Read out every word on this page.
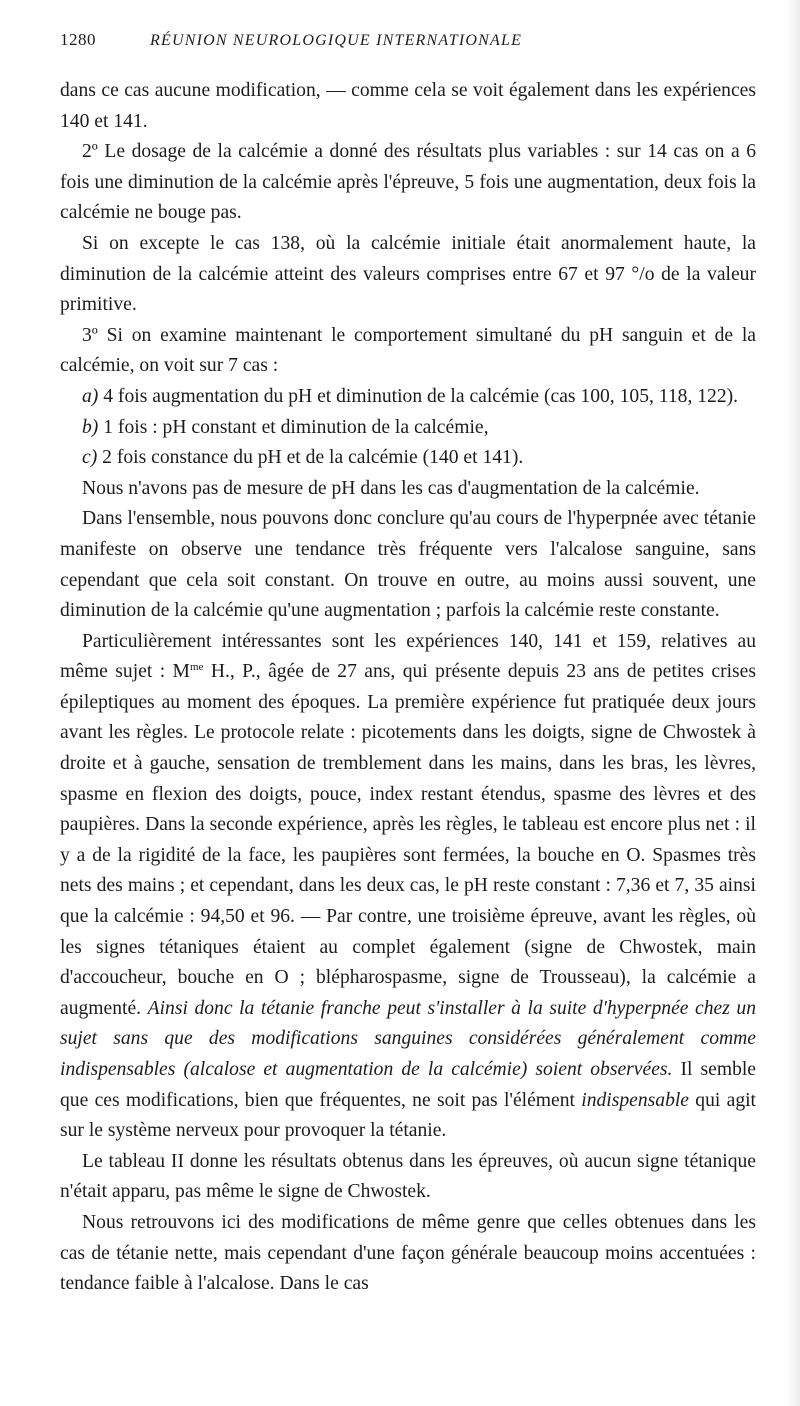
1280	RÉUNION NEUROLOGIQUE INTERNATIONALE

dans ce cas aucune modification, — comme cela se voit également dans les expériences 140 et 141.

2º Le dosage de la calcémie a donné des résultats plus variables : sur 14 cas on a 6 fois une diminution de la calcémie après l'épreuve, 5 fois une augmentation, deux fois la calcémie ne bouge pas.

Si on excepte le cas 138, où la calcémie initiale était anormalement haute, la diminution de la calcémie atteint des valeurs comprises entre 67 et 97 °/o de la valeur primitive.

3º Si on examine maintenant le comportement simultané du pH sanguin et de la calcémie, on voit sur 7 cas :

a) 4 fois augmentation du pH et diminution de la calcémie (cas 100, 105, 118, 122).

b) 1 fois : pH constant et diminution de la calcémie,

c) 2 fois constance du pH et de la calcémie (140 et 141).

Nous n'avons pas de mesure de pH dans les cas d'augmentation de la calcémie.

Dans l'ensemble, nous pouvons donc conclure qu'au cours de l'hyperpnée avec tétanie manifeste on observe une tendance très fréquente vers l'alcalose sanguine, sans cependant que cela soit constant. On trouve en outre, au moins aussi souvent, une diminution de la calcémie qu'une augmentation ; parfois la calcémie reste constante.

Particulièrement intéressantes sont les expériences 140, 141 et 159, relatives au même sujet : $M^{me}$ H., P., âgée de 27 ans, qui présente depuis 23 ans de petites crises épileptiques au moment des époques. La première expérience fut pratiquée deux jours avant les règles. Le protocole relate : picotements dans les doigts, signe de Chwostek à droite et à gauche, sensation de tremblement dans les mains, dans les bras, les lèvres, spasme en flexion des doigts, pouce, index restant étendus, spasme des lèvres et des paupières. Dans la seconde expérience, après les règles, le tableau est encore plus net : il y a de la rigidité de la face, les paupières sont fermées, la bouche en O. Spasmes très nets des mains ; et cependant, dans les deux cas, le pH reste constant : 7,36 et 7, 35 ainsi que la calcémie : 94,50 et 96. — Par contre, une troisième épreuve, avant les règles, où les signes tétaniques étaient au complet également (signe de Chwostek, main d'accoucheur, bouche en O ; blépharospasme, signe de Trousseau), la calcémie a augmenté. Ainsi donc la tétanie franche peut s'installer à la suite d'hyperpnée chez un sujet sans que des modifications sanguines considérées généralement comme indispensables (alcalose et augmentation de la calcémie) soient observées. Il semble que ces modifications, bien que fréquentes, ne soit pas l'élément indispensable qui agit sur le système nerveux pour provoquer la tétanie.

Le tableau II donne les résultats obtenus dans les épreuves, où aucun signe tétanique n'était apparu, pas même le signe de Chwostek.

Nous retrouvons ici des modifications de même genre que celles obtenues dans les cas de tétanie nette, mais cependant d'une façon générale beaucoup moins accentuées : tendance faible à l'alcalose. Dans le cas
